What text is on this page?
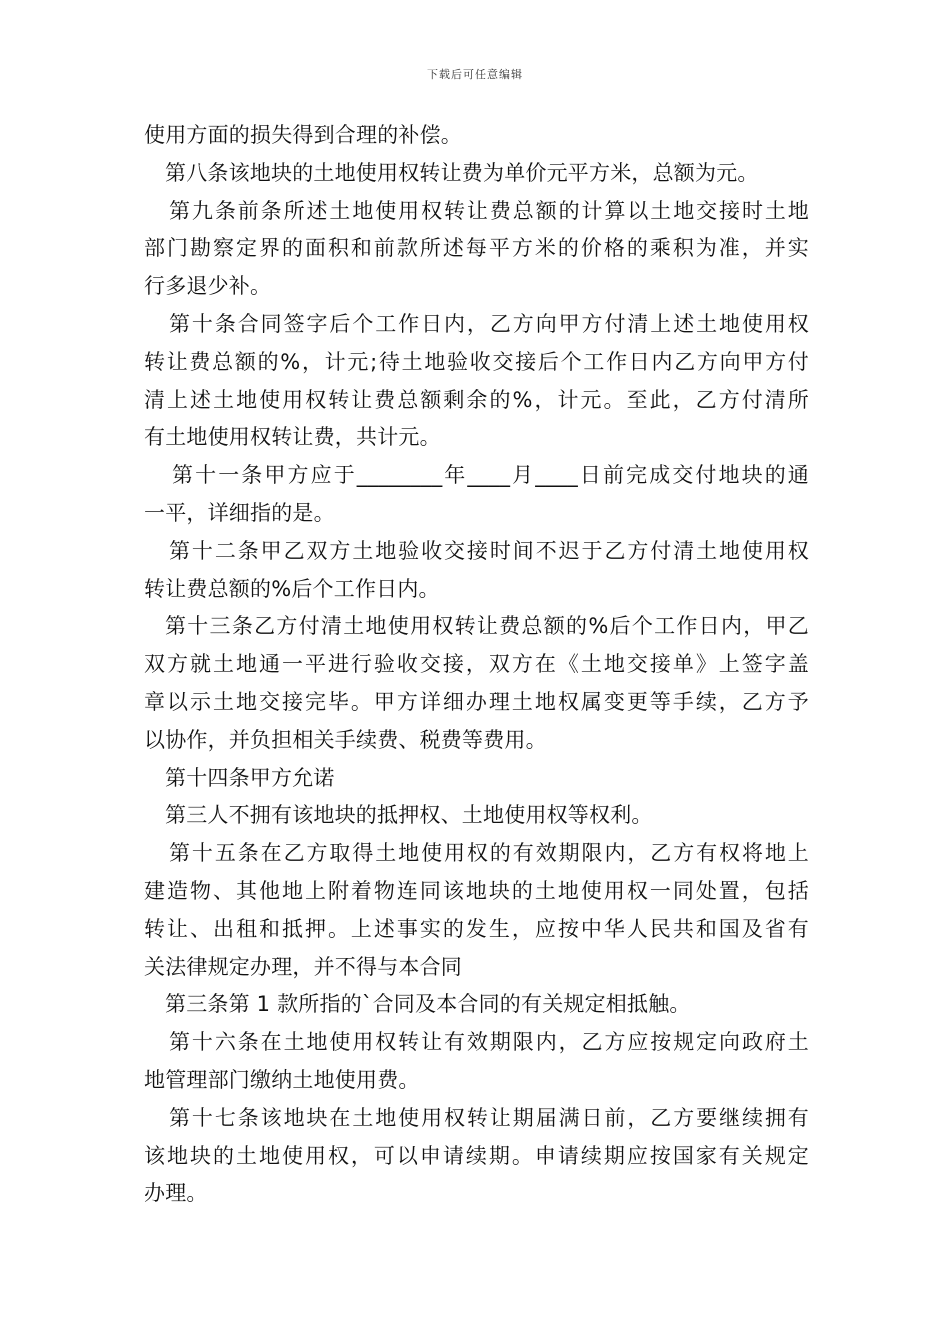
下载后可任意编辑
使用方面的损失得到合理的补偿。
第八条该地块的土地使用权转让费为单价元平方米，总额为元。
第九条前条所述土地使用权转让费总额的计算以土地交接时土地
部门勘察定界的面积和前款所述每平方米的价格的乘积为准，并实
行多退少补。
第十条合同签字后个工作日内，乙方向甲方付清上述土地使用权
转让费总额的%，计元;待土地验收交接后个工作日内乙方向甲方付
清上述土地使用权转让费总额剩余的%，计元。至此，乙方付清所
有土地使用权转让费，共计元。
第十一条甲方应于________年____月____日前完成交付地块的通
一平，详细指的是。
第十二条甲乙双方土地验收交接时间不迟于乙方付清土地使用权
转让费总额的%后个工作日内。
第十三条乙方付清土地使用权转让费总额的%后个工作日内，甲乙
双方就土地通一平进行验收交接，双方在《土地交接单》上签字盖
章以示土地交接完毕。甲方详细办理土地权属变更等手续，乙方予
以协作，并负担相关手续费、税费等费用。
第十四条甲方允诺
第三人不拥有该地块的抵押权、土地使用权等权利。
第十五条在乙方取得土地使用权的有效期限内，乙方有权将地上
建造物、其他地上附着物连同该地块的土地使用权一同处置，包括
转让、出租和抵押。上述事实的发生，应按中华人民共和国及省有
关法律规定办理，并不得与本合同
第三条第 1 款所指的`合同及本合同的有关规定相抵触。
第十六条在土地使用权转让有效期限内，乙方应按规定向政府土
地管理部门缴纳土地使用费。
第十七条该地块在土地使用权转让期届满日前，乙方要继续拥有
该地块的土地使用权，可以申请续期。申请续期应按国家有关规定
办理。
